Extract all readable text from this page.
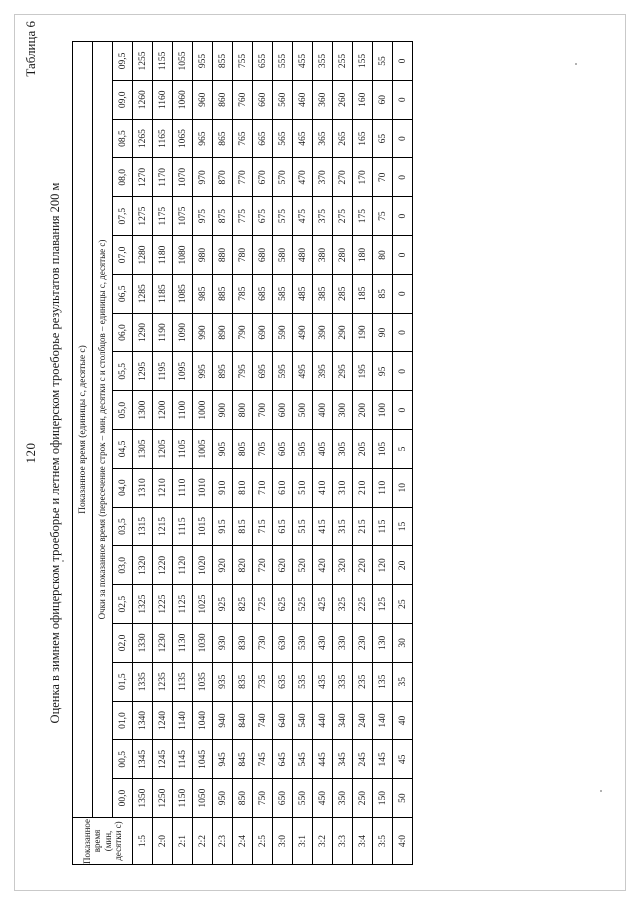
120
Таблица 6
Оценка в зимнем офицерском троеборье и летнем офицерском троеборье результатов плавания 200 м
Показанное время (мин, десятки с)	Показанное время (единицы с, десятые с)																			
	Очки за показанное время (пересечение строк – мин, десятки с и столбцов – единицы с, десятые с)																			
	00,0	00,5	01,0	01,5	02,0	02,5	03,0	03,5	04,0	04,5	05,0	05,5	06,0	06,5	07,0	07,5	08,0	08,5	09,0	09,5
1:5	1350	1345	1340	1335	1330	1325	1320	1315	1310	1305	1300	1295	1290	1285	1280	1275	1270	1265	1260	1255
2:0	1250	1245	1240	1235	1230	1225	1220	1215	1210	1205	1200	1195	1190	1185	1180	1175	1170	1165	1160	1155
2:1	1150	1145	1140	1135	1130	1125	1120	1115	1110	1105	1100	1095	1090	1085	1080	1075	1070	1065	1060	1055
2:2	1050	1045	1040	1035	1030	1025	1020	1015	1010	1005	1000	995	990	985	980	975	970	965	960	955
2:3	950	945	940	935	930	925	920	915	910	905	900	895	890	885	880	875	870	865	860	855
2:4	850	845	840	835	830	825	820	815	810	805	800	795	790	785	780	775	770	765	760	755
2:5	750	745	740	735	730	725	720	715	710	705	700	695	690	685	680	675	670	665	660	655
3:0	650	645	640	635	630	625	620	615	610	605	600	595	590	585	580	575	570	565	560	555
3:1	550	545	540	535	530	525	520	515	510	505	500	495	490	485	480	475	470	465	460	455
3:2	450	445	440	435	430	425	420	415	410	405	400	395	390	385	380	375	370	365	360	355
3:3	350	345	340	335	330	325	320	315	310	305	300	295	290	285	280	275	270	265	260	255
3:4	250	245	240	235	230	225	220	215	210	205	200	195	190	185	180	175	170	165	160	155
3:5	150	145	140	135	130	125	120	115	110	105	100	95	90	85	80	75	70	65	60	55
4:0	50	45	40	35	30	25	20	15	10	5	0	0	0	0	0	0	0	0	0	0
